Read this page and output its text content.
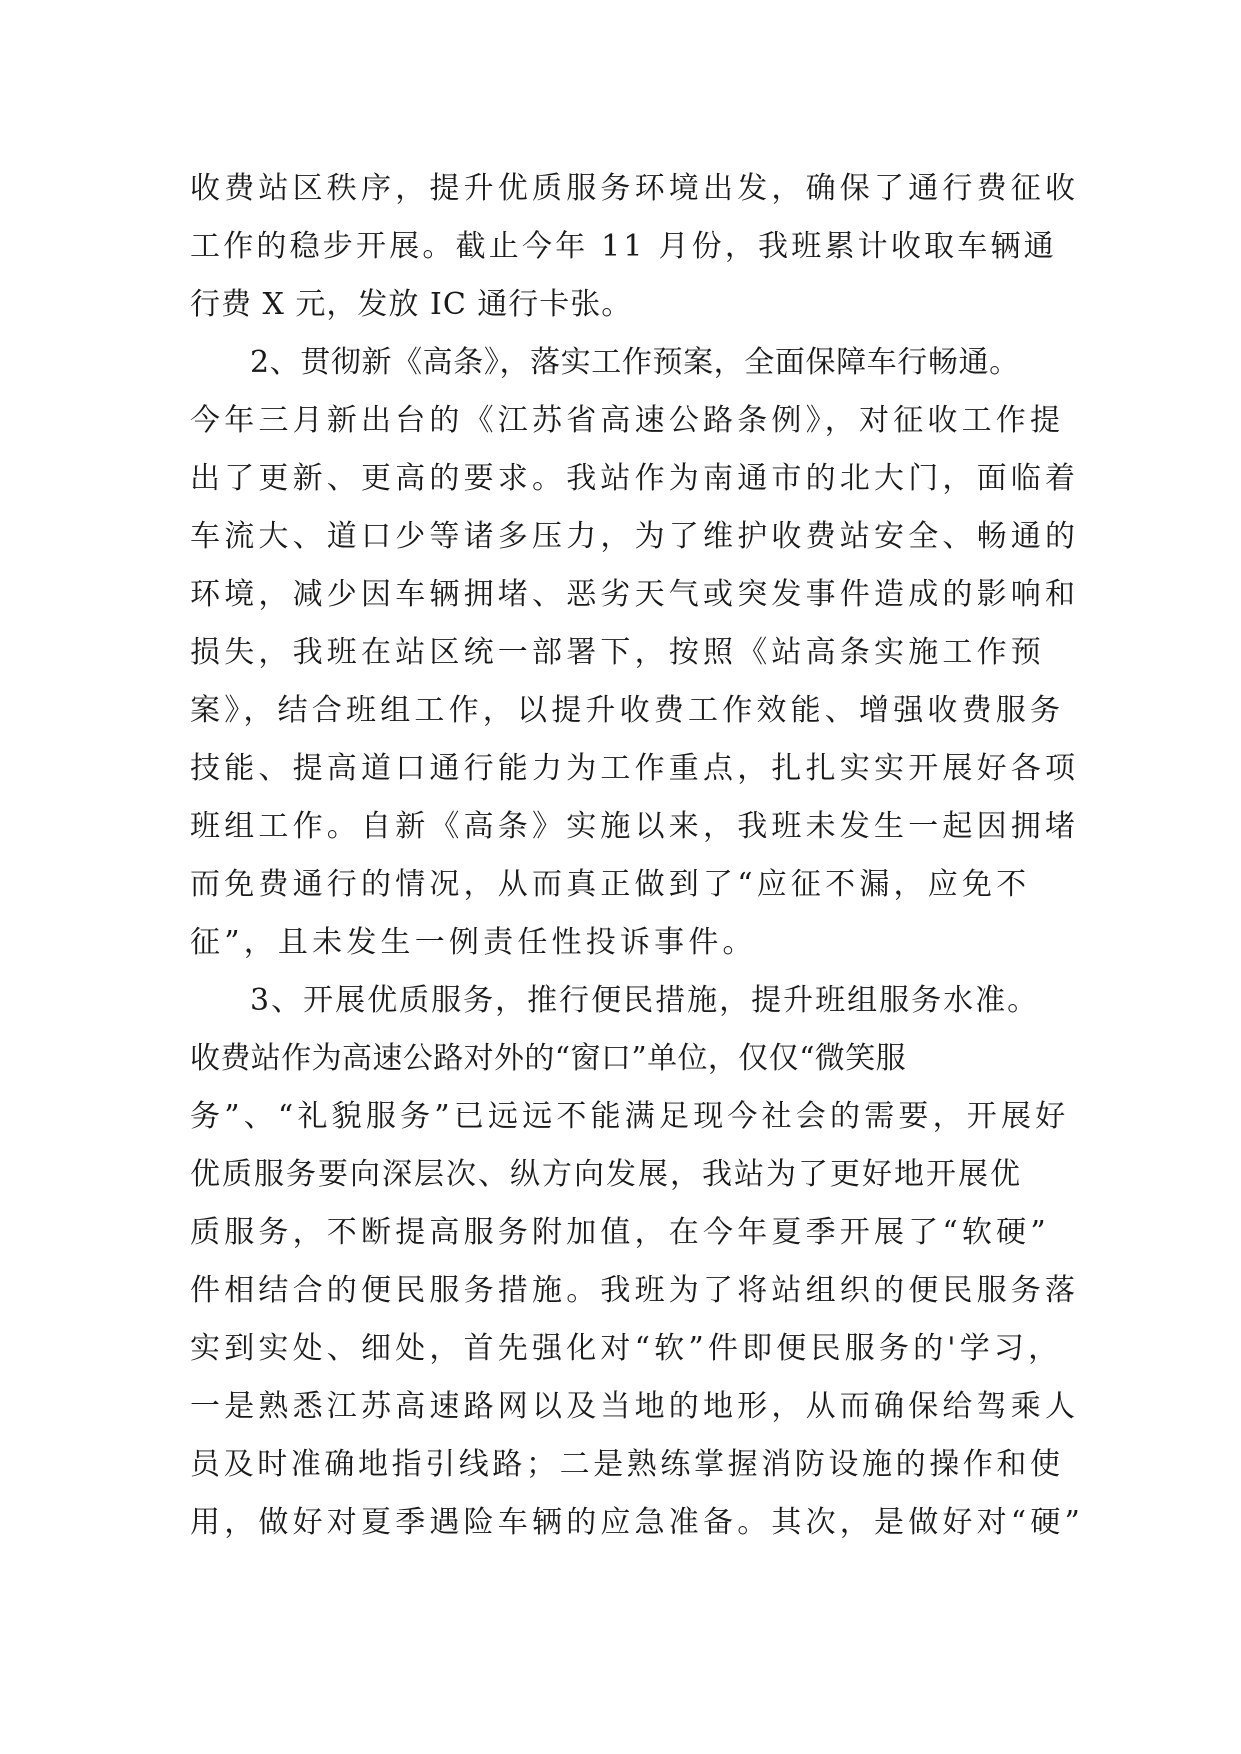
收费站区秩序，提升优质服务环境出发，确保了通行费征收
工作的稳步开展。截止今年 11 月份，我班累计收取车辆通
行费 X 元，发放 IC 通行卡张。
2、贯彻新《高条》，落实工作预案，全面保障车行畅通。
今年三月新出台的《江苏省高速公路条例》，对征收工作提
出了更新、更高的要求。我站作为南通市的北大门，面临着
车流大、道口少等诸多压力，为了维护收费站安全、畅通的
环境，减少因车辆拥堵、恶劣天气或突发事件造成的影响和
损失，我班在站区统一部署下，按照《站高条实施工作预
案》，结合班组工作，以提升收费工作效能、增强收费服务
技能、提高道口通行能力为工作重点，扎扎实实开展好各项
班组工作。自新《高条》实施以来，我班未发生一起因拥堵
而免费通行的情况，从而真正做到了“应征不漏，应免不
征”，且未发生一例责任性投诉事件。
3、开展优质服务，推行便民措施，提升班组服务水准。
收费站作为高速公路对外的“窗口”单位，仅仅“微笑服
务”、“礼貌服务”已远远不能满足现今社会的需要，开展好
优质服务要向深层次、纵方向发展，我站为了更好地开展优
质服务，不断提高服务附加值，在今年夏季开展了“软硬”
件相结合的便民服务措施。我班为了将站组织的便民服务落
实到实处、细处，首先强化对“软”件即便民服务的'学习，
一是熟悉江苏高速路网以及当地的地形，从而确保给驾乘人
员及时准确地指引线路；二是熟练掌握消防设施的操作和使
用，做好对夏季遇险车辆的应急准备。其次，是做好对“硬”
